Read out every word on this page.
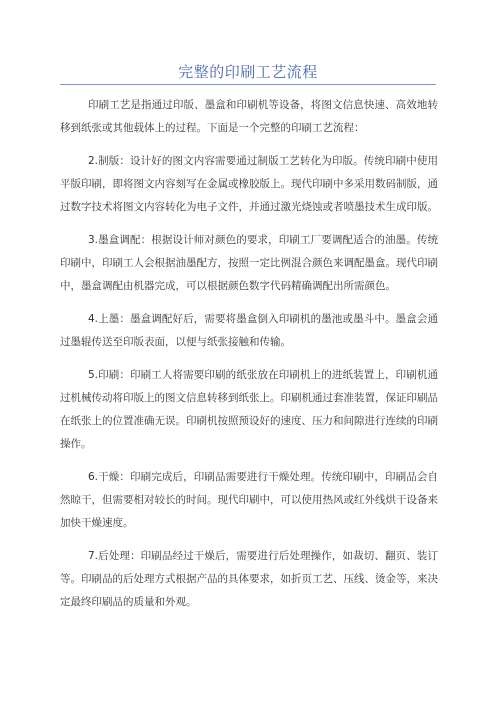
完整的印刷工艺流程

印刷工艺是指通过印版、墨盒和印刷机等设备，将图文信息快速、高效地转移到纸张或其他载体上的过程。下面是一个完整的印刷工艺流程：

2.制版：设计好的图文内容需要通过制版工艺转化为印版。传统印刷中使用平版印刷，即将图文内容刻写在金属或橡胶版上。现代印刷中多采用数码制版，通过数字技术将图文内容转化为电子文件，并通过激光烧蚀或者喷墨技术生成印版。

3.墨盒调配：根据设计师对颜色的要求，印刷工厂要调配适合的油墨。传统印刷中，印刷工人会根据油墨配方，按照一定比例混合颜色来调配墨盒。现代印刷中，墨盒调配由机器完成，可以根据颜色数字代码精确调配出所需颜色。

4.上墨：墨盒调配好后，需要将墨盒倒入印刷机的墨池或墨斗中。墨盒会通过墨辊传送至印版表面，以便与纸张接触和传输。

5.印刷：印刷工人将需要印刷的纸张放在印刷机上的进纸装置上，印刷机通过机械传动将印版上的图文信息转移到纸张上。印刷机通过套准装置，保证印刷品在纸张上的位置准确无误。印刷机按照预设好的速度、压力和间隙进行连续的印刷操作。

6.干燥：印刷完成后，印刷品需要进行干燥处理。传统印刷中，印刷品会自然晾干，但需要相对较长的时间。现代印刷中，可以使用热风或红外线烘干设备来加快干燥速度。

7.后处理：印刷品经过干燥后，需要进行后处理操作，如裁切、翻页、装订等。印刷品的后处理方式根据产品的具体要求，如折页工艺、压线、烫金等，来决定最终印刷品的质量和外观。
